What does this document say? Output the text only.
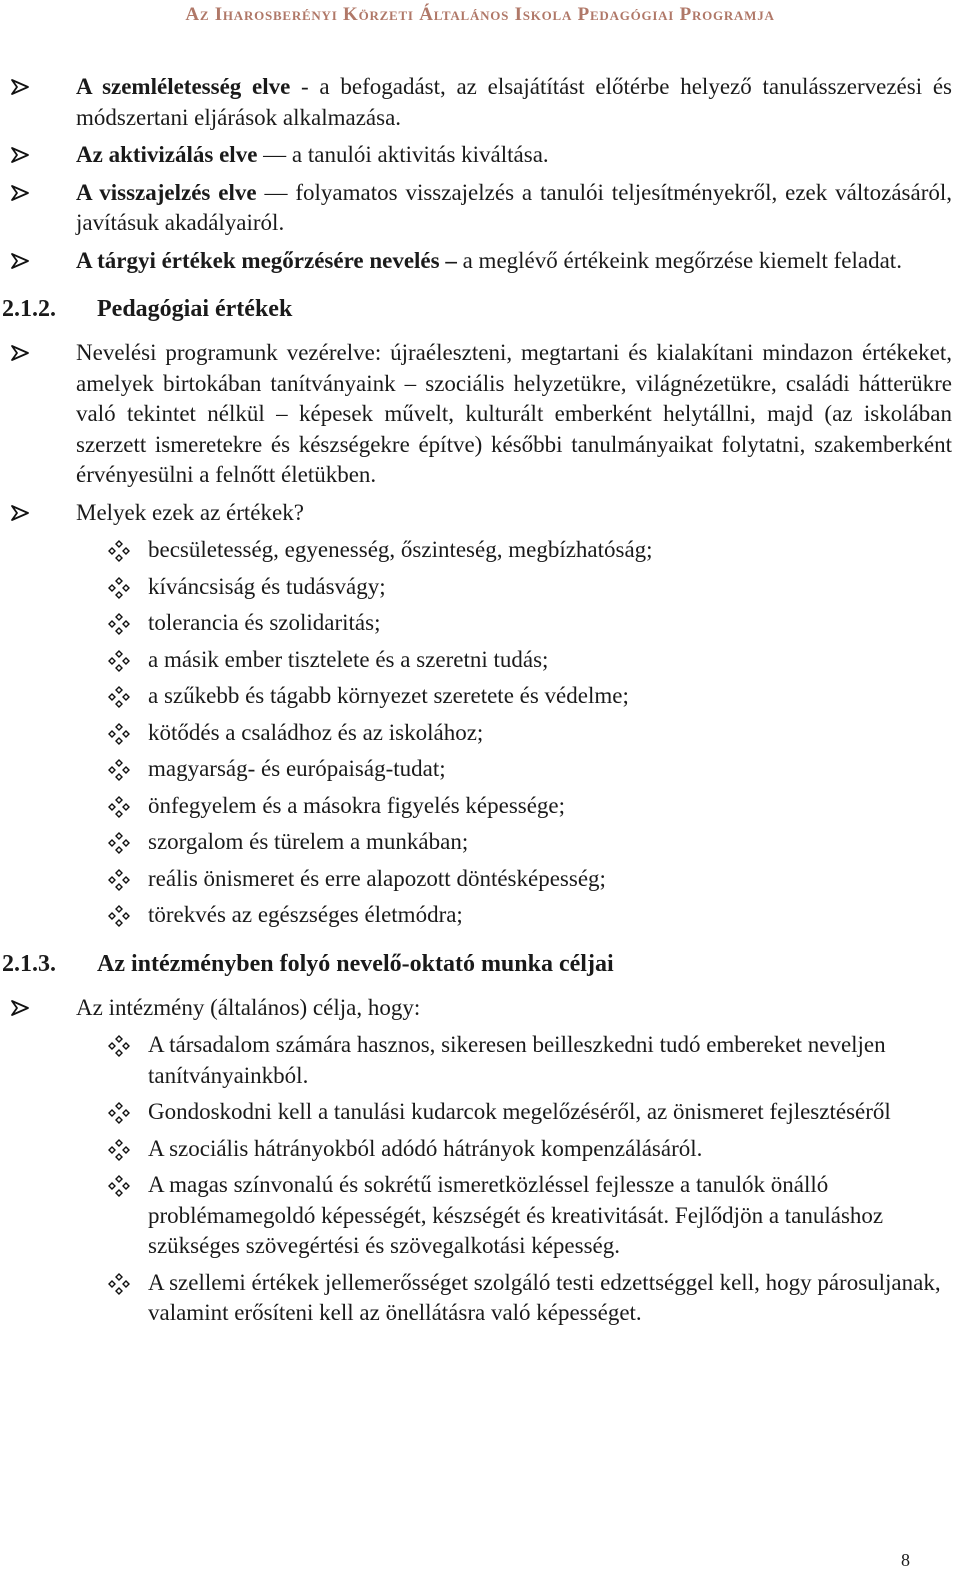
Az Iharosberényi Körzeti Általános Iskola Pedagógiai Programja
A szemléletesség elve - a befogadást, az elsajátítást előtérbe helyező tanulásszervezési és módszertani eljárások alkalmazása.
Az aktivizálás elve — a tanulói aktivitás kiváltása.
A visszajelzés elve — folyamatos visszajelzés a tanulói teljesítményekről, ezek változásáról, javításuk akadályairól.
A tárgyi értékek megőrzésére nevelés – a meglévő értékeink megőrzése kiemelt feladat.
2.1.2.	Pedagógiai értékek
Nevelési programunk vezérelve: újraéleszteni, megtartani és kialakítani mindazon értékeket, amelyek birtokában tanítványaink – szociális helyzetükre, világnézetükre, családi hátterükre való tekintet nélkül – képesek művelt, kulturált emberként helytállni, majd (az iskolában szerzett ismeretekre és készségekre építve) későbbi tanulmányaikat folytatni, szakemberként érvényesülni a felnőtt életükben.
Melyek ezek az értékek?
becsületesség, egyenesség, őszinteség, megbízhatóság;
kíváncsiság és tudásvágy;
tolerancia és szolidaritás;
a másik ember tisztelete és a szeretni tudás;
a szűkebb és tágabb környezet szeretete és védelme;
kötődés a családhoz és az iskolához;
magyarság- és európaiság-tudat;
önfegyelem és a másokra figyelés képessége;
szorgalom és türelem a munkában;
reális önismeret és erre alapozott döntésképesség;
törekvés az egészséges életmódra;
2.1.3.	Az intézményben folyó nevelő-oktató munka céljai
Az intézmény (általános) célja, hogy:
A társadalom számára hasznos, sikeresen beilleszkedni tudó embereket neveljen tanítványainkból.
Gondoskodni kell a tanulási kudarcok megelőzéséről, az önismeret fejlesztéséről
A szociális hátrányokból adódó hátrányok kompenzálásáról.
A magas színvonalú és sokrétű ismeretközléssel fejlessze a tanulók önálló problémamegoldó képességét, készségét és kreativitását. Fejlődjön a tanuláshoz szükséges szövegértési és szövegalkotási képesség.
A szellemi értékek jellemerősséget szolgáló testi edzettséggel kell, hogy párosuljanak, valamint erősíteni kell az önellátásra való képességet.
8
